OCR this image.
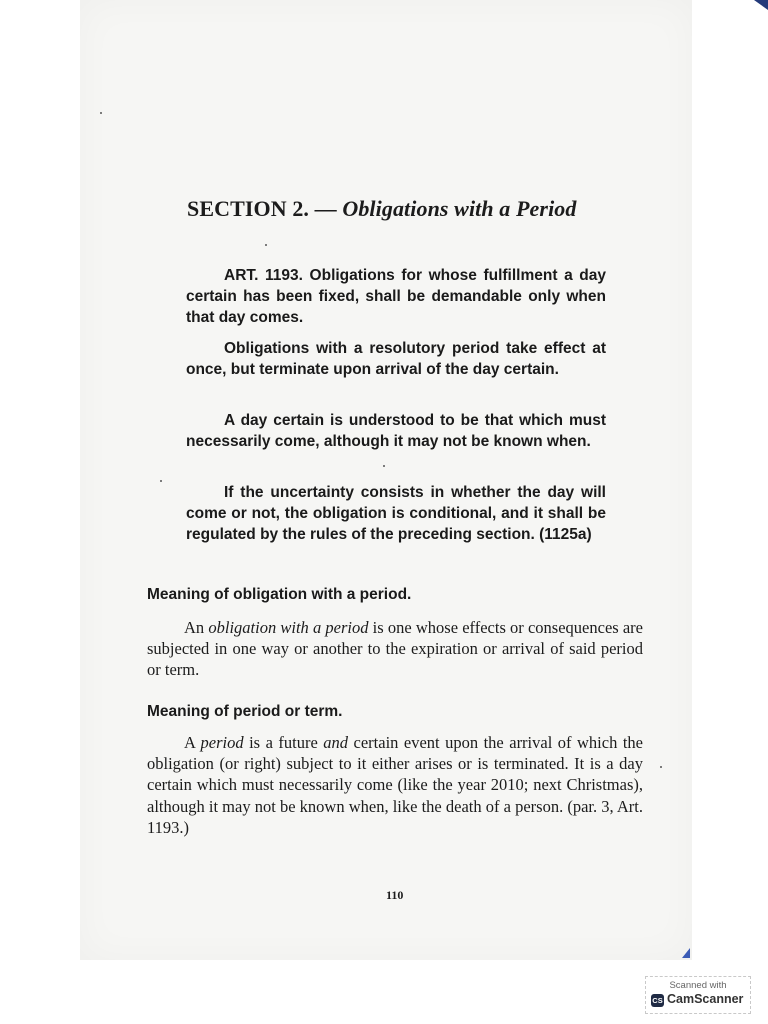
SECTION 2. — Obligations with a Period

ART. 1193. Obligations for whose fulfillment a day certain has been fixed, shall be demandable only when that day comes.

Obligations with a resolutory period take effect at once, but terminate upon arrival of the day certain.

A day certain is understood to be that which must necessarily come, although it may not be known when.

If the uncertainty consists in whether the day will come or not, the obligation is conditional, and it shall be regulated by the rules of the preceding section. (1125a)

Meaning of obligation with a period.

An obligation with a period is one whose effects or consequences are subjected in one way or another to the expiration or arrival of said period or term.

Meaning of period or term.

A period is a future and certain event upon the arrival of which the obligation (or right) subject to it either arises or is terminated. It is a day certain which must necessarily come (like the year 2010; next Christmas), although it may not be known when, like the death of a person. (par. 3, Art. 1193.)

110
Scanned with
CS CamScanner
